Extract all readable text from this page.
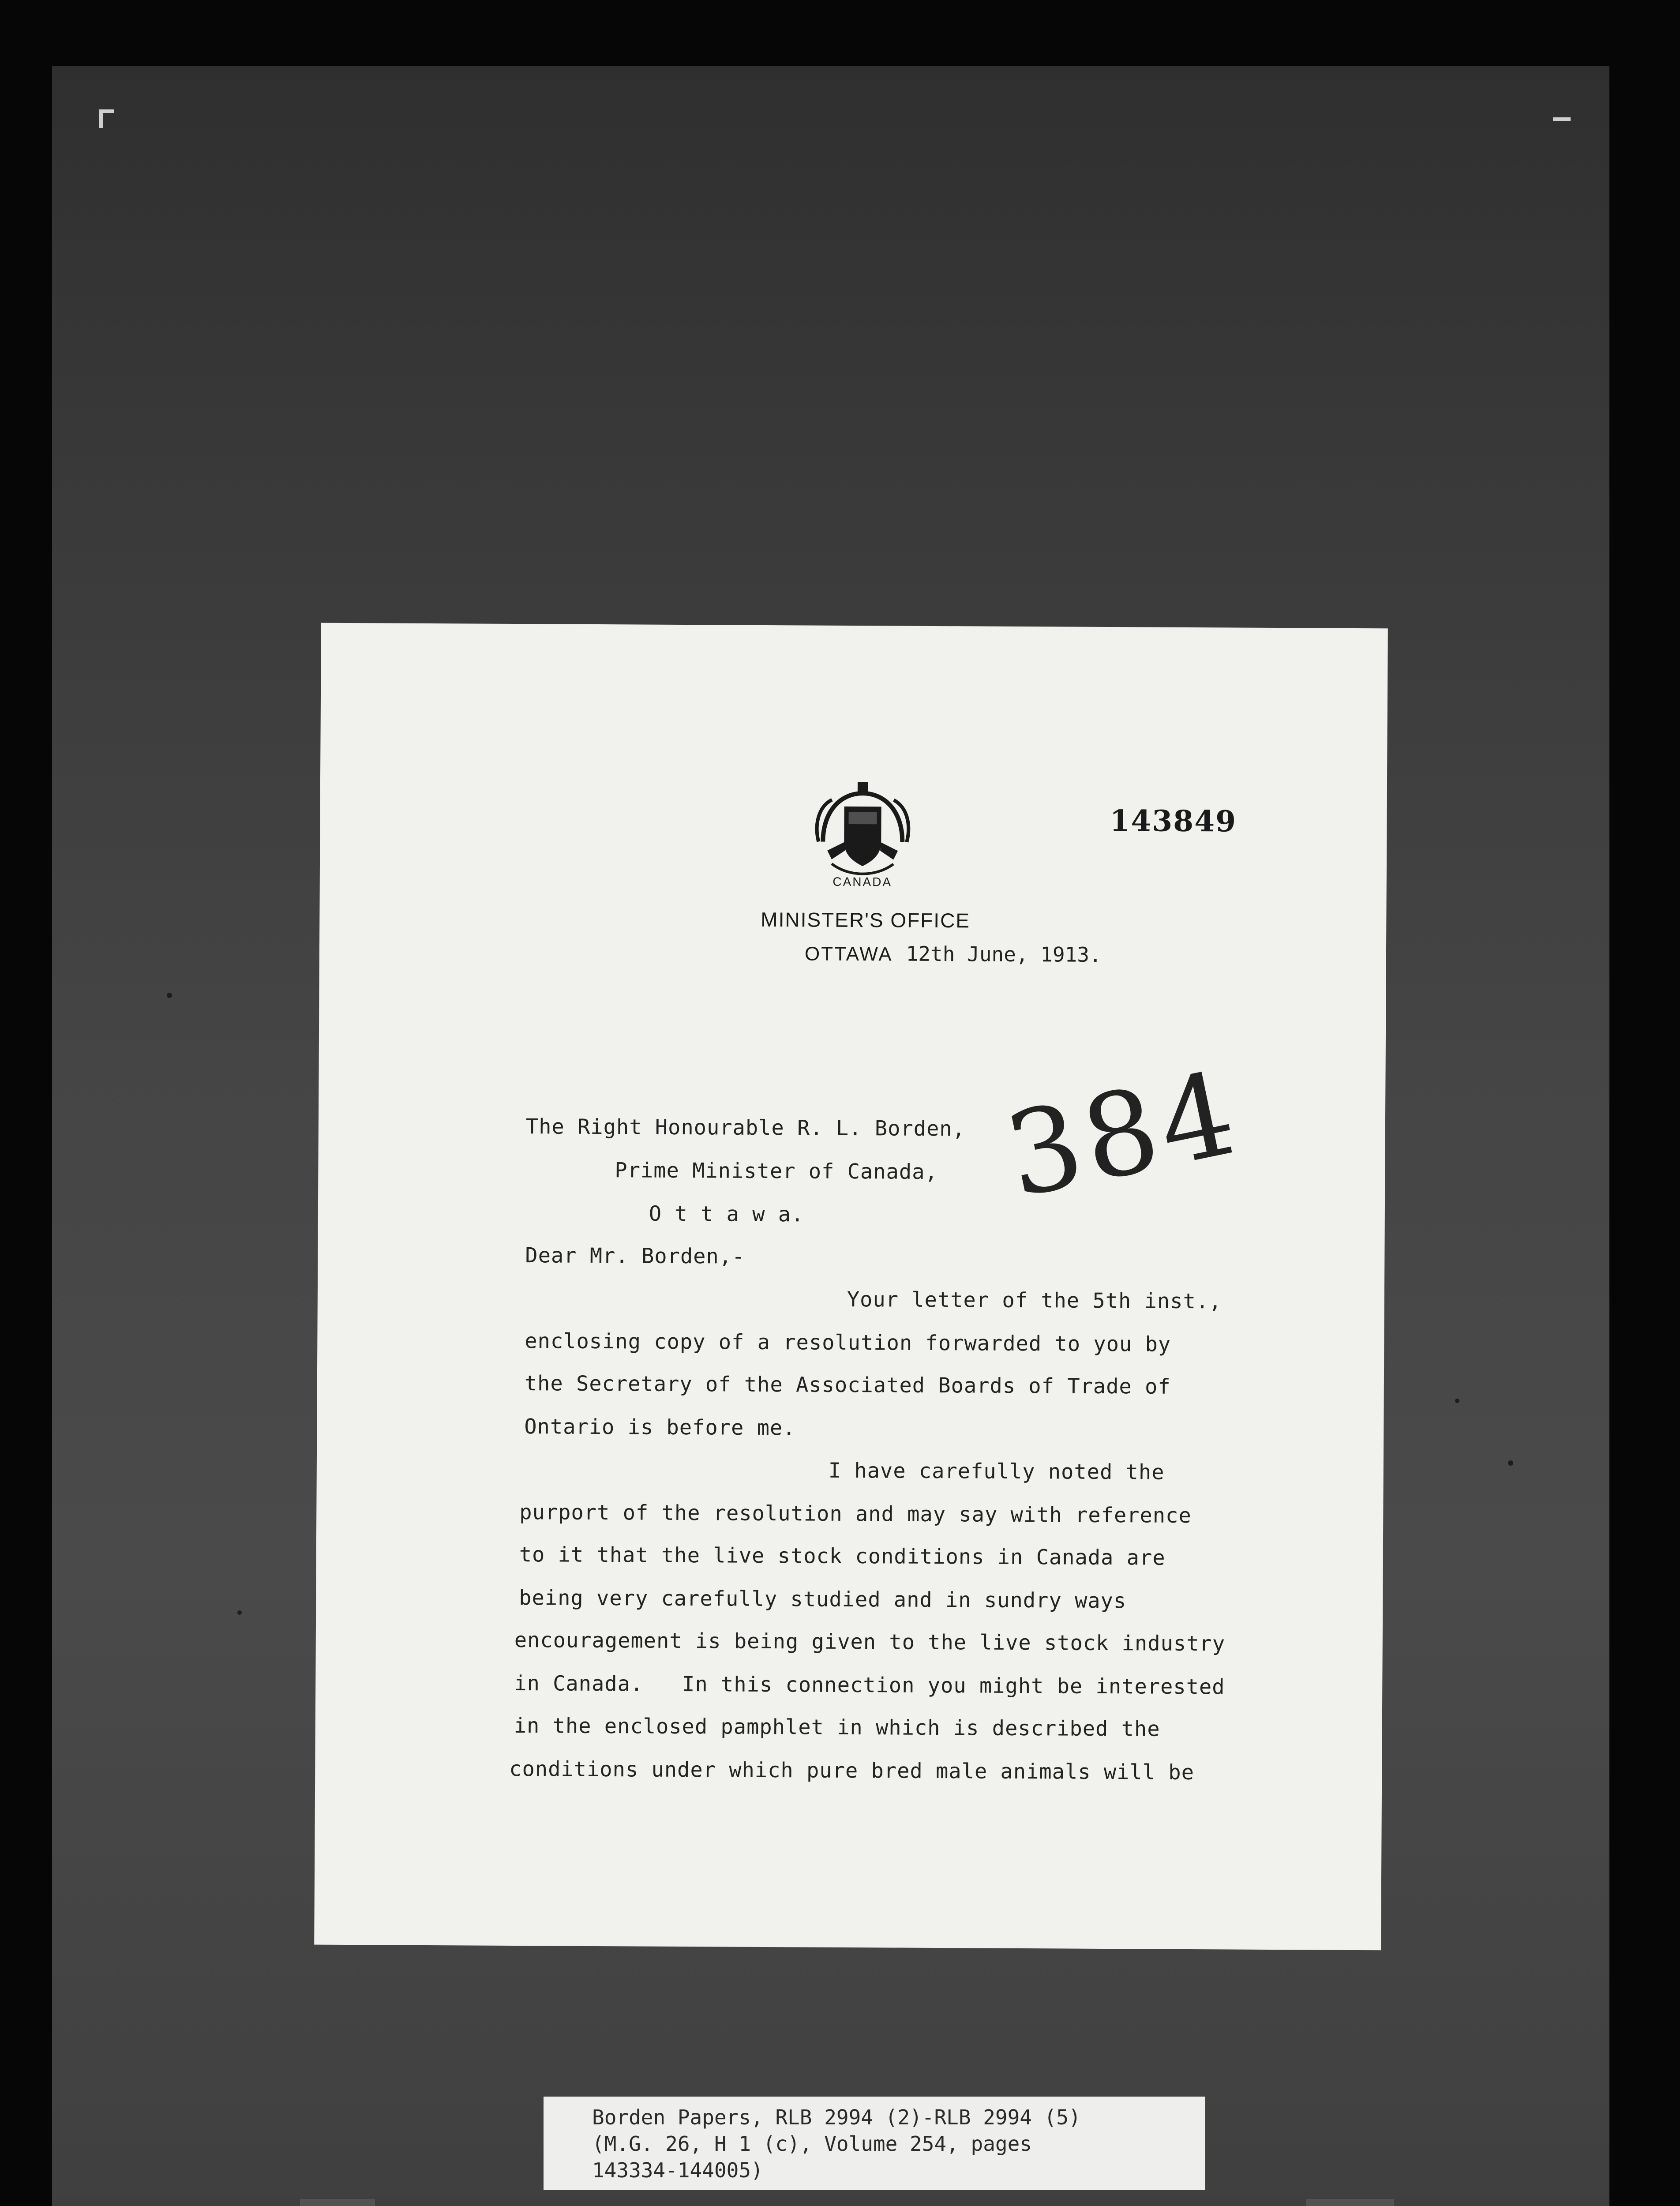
CANADA
143849
MINISTER'S OFFICE
OTTAWA 12th June, 1913.
384
The Right Honourable R. L. Borden,
Prime Minister of Canada,
O t t a w a.
Dear Mr. Borden,-
Your letter of the 5th inst.,
enclosing copy of a resolution forwarded to you by
the Secretary of the Associated Boards of Trade of
Ontario is before me.
I have carefully noted the
purport of the resolution and may say with reference
to it that the live stock conditions in Canada are
being very carefully studied and in sundry ways
encouragement is being given to the live stock industry
in Canada.   In this connection you might be interested
in the enclosed pamphlet in which is described the
conditions under which pure bred male animals will be
Borden Papers, RLB 2994 (2)-RLB 2994 (5)
(M.G. 26, H 1 (c), Volume 254, pages
143334-144005)
